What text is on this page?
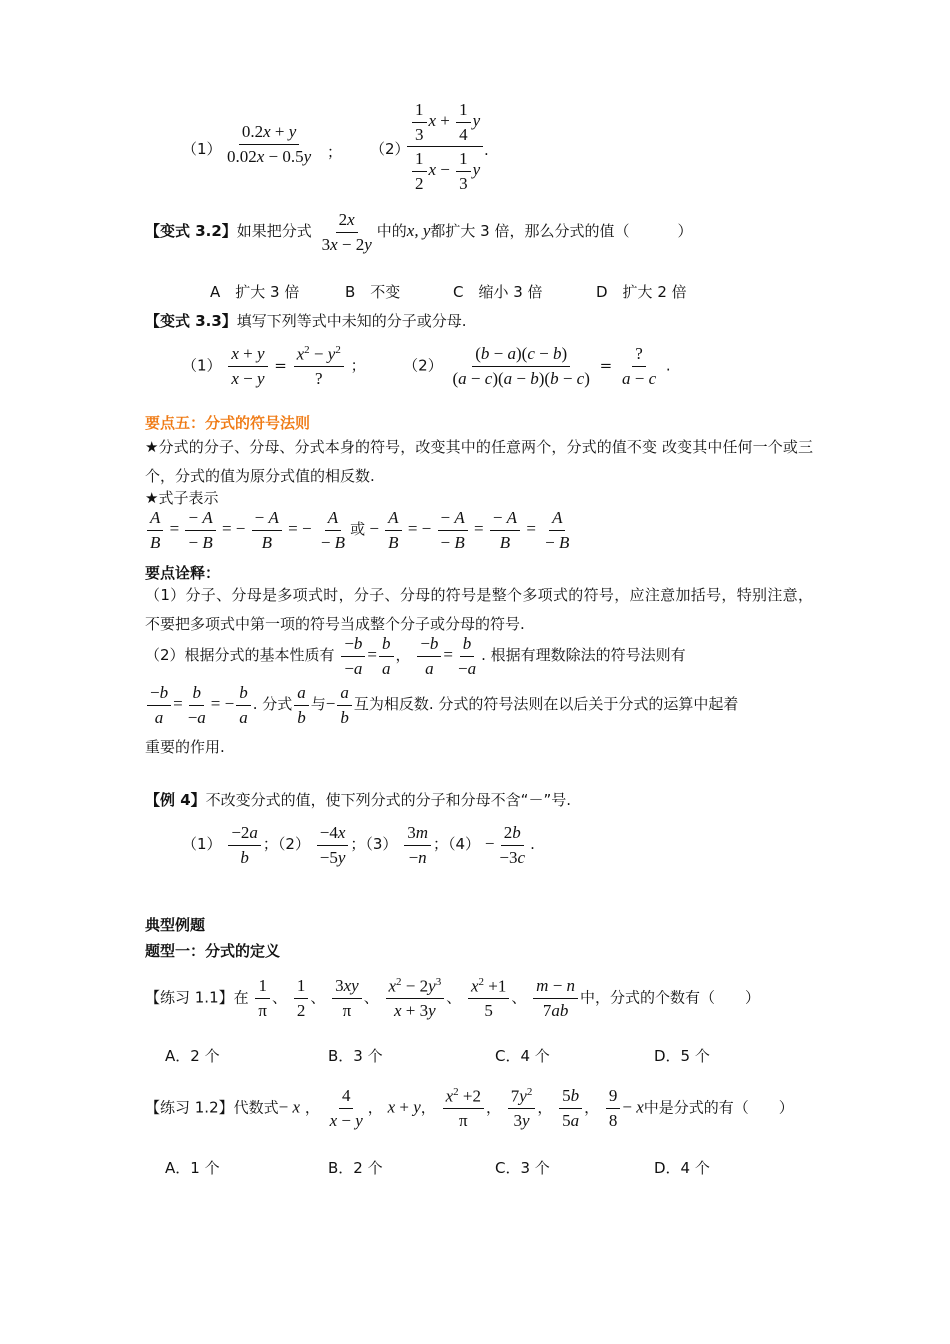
$(1) \frac{0.2x + y}{0.02x - 0.5y}$ ； （2）
$\frac{\frac{1}{3} x + \frac{1}{4} y}{\frac{1}{2} x - \frac{1}{3} y}$ .
【变式 3.2】如果把分式 $\frac{2x}{3x - 2y}$ 中的x, y都扩大 3 倍，那么分式的值（	）
A　扩大 3 倍	B　不变	C　缩小 3 倍	D　扩大 2 倍
【变式 3.3】填写下列等式中未知的分子或分母.
$(1) \frac{x + y}{x - y} = \frac{x^2 - y^2}{?}$ ；	$(2) \frac{(b - a)(c - b)}{(a - c)(a - b)(b - c)} = \frac{?}{a - c}$ .
要点五：分式的符号法则
★分式的分子、分母、分式本身的符号，改变其中的任意两个，分式的值不变 改变其中任何一个或三个，分式的值为原分式值的相反数.
★式子表示
$\frac{A}{B} = \frac{- A}{- B}$ = − $\frac{- A}{B}$ = − $\frac{A}{- B}$ 或 − $\frac{A}{B}$ = − $\frac{- A}{- B} = \frac{- A}{B} = \frac{A}{- B}$
要点诠释：
（1）分子、分母是多项式时，分子、分母的符号是整个多项式的符号，应注意加括号，特别注意，不要把多项式中第一项的符号当成整个分子或分母的符号.
（2）根据分式的基本性质有 $\frac{-b}{-a} = \frac{b}{a}$ ， $\frac{-b}{a} = \frac{b}{-a}$ . 根据有理数除法的符号法则有
$\frac{-b}{a} = \frac{b}{-a}$ = − $\frac{b}{a}$ . 分式 $\frac{a}{b}$ 与− $\frac{a}{b}$ 互为相反数. 分式的符号法则在以后关于分式的运算中起着
重要的作用.
【例 4】不改变分式的值，使下列分式的分子和分母不含“－”号.
$(1) \frac{-2a}{b}$ ；$(2) \frac{-4x}{-5y}$ ；$(3) \frac{3m}{-n}$ ；$(4) - \frac{2b}{-3c}$ .
典型例题
题型一：分式的定义
【练习 1.1】在 $\frac{1}{\pi}$ 、 $\frac{1}{2}$ 、 $\frac{3xy}{\pi}$ 、 $\frac{x^2 - 2y^3}{x + 3y}$ 、 $\frac{x^2 +1}{5}$ 、 $\frac{m - n}{7ab}$ 中，分式的个数有（　　）
A．2 个	B．3 个	C．4 个	D．5 个
【练习 1.2】代数式− x ， $\frac{4}{x - y}$ ， x + y， $\frac{x^2 +2}{\pi}$ ， $\frac{7y^2}{3y}$ ， $\frac{5b}{5a}$ ， $\frac{9}{8} - x$中是分式的有（　　）
A．1 个	B．2 个	C．3 个	D．4 个
